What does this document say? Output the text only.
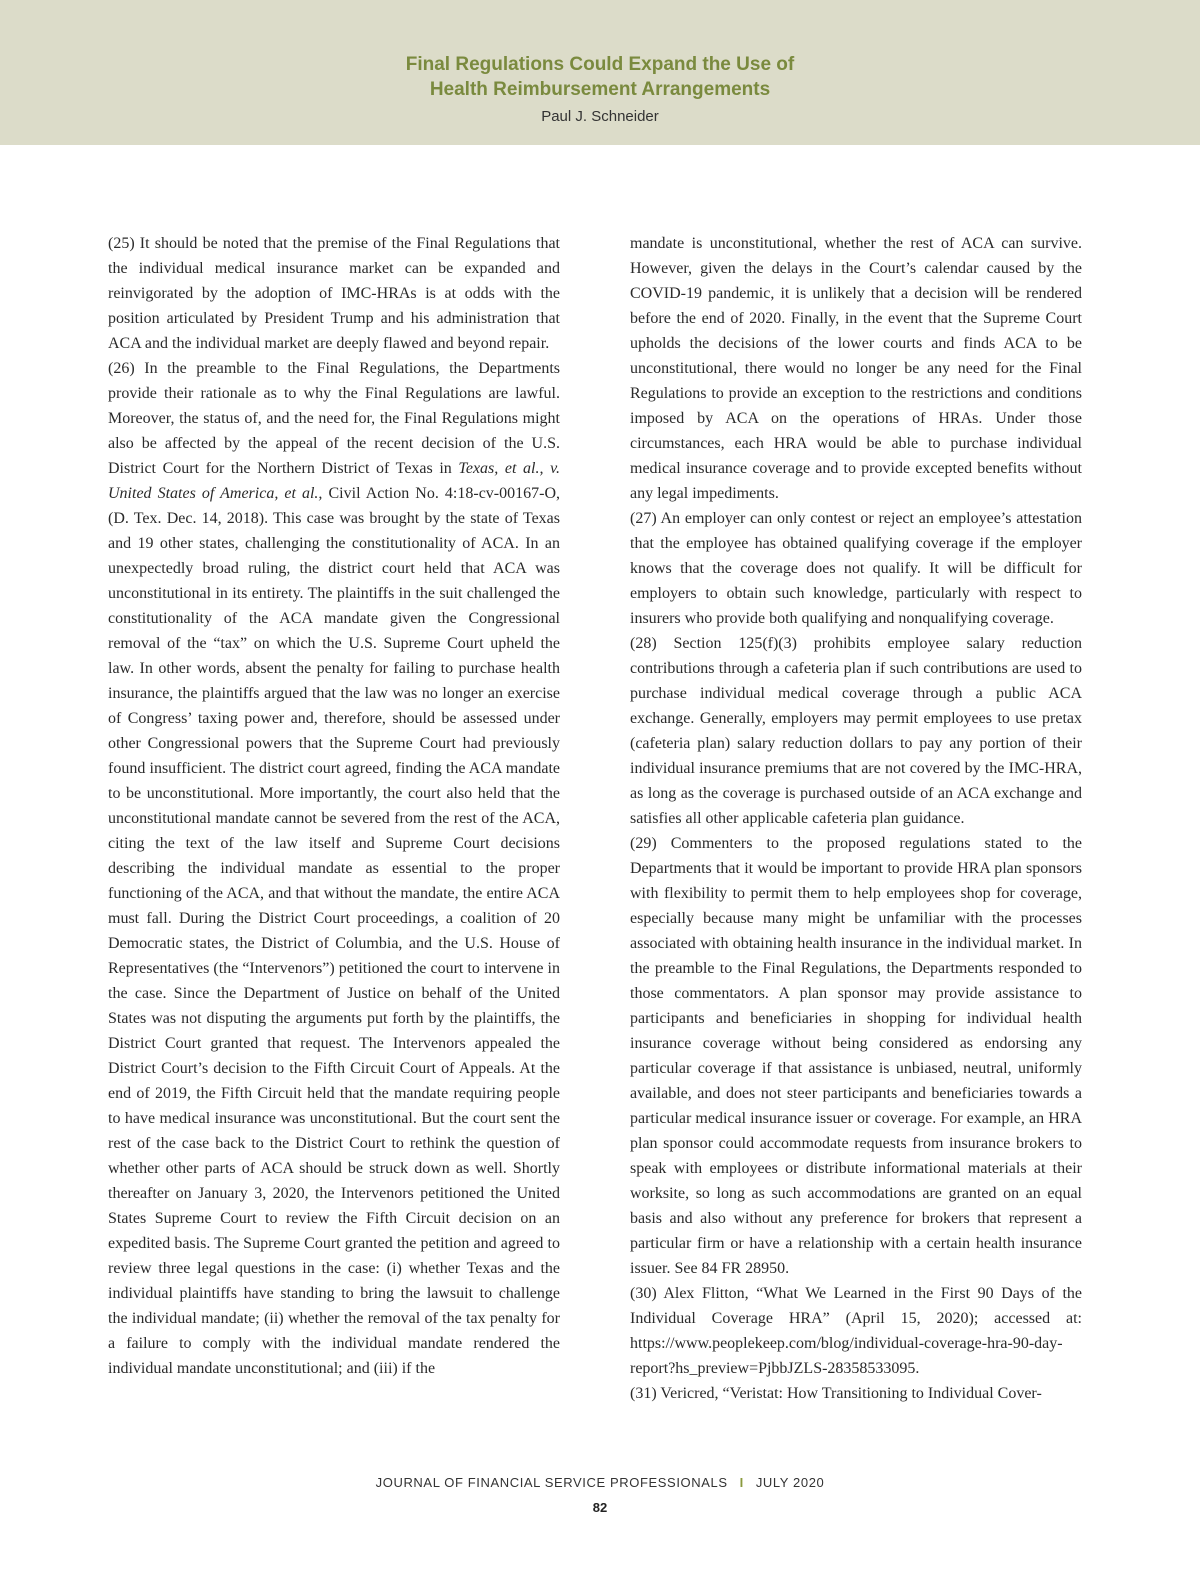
Final Regulations Could Expand the Use of
Health Reimbursement Arrangements
Paul J. Schneider

(25) It should be noted that the premise of the Final Regulations that the individual medical insurance market can be expanded and reinvigorated by the adoption of IMC-HRAs is at odds with the position articulated by President Trump and his administration that ACA and the individual market are deeply flawed and beyond repair.

(26) In the preamble to the Final Regulations, the Departments provide their rationale as to why the Final Regulations are lawful. Moreover, the status of, and the need for, the Final Regulations might also be affected by the appeal of the recent decision of the U.S. District Court for the Northern District of Texas in Texas, et al., v. United States of America, et al., Civil Action No. 4:18-cv-00167-O, (D. Tex. Dec. 14, 2018). This case was brought by the state of Texas and 19 other states, challenging the constitutionality of ACA. In an unexpectedly broad ruling, the district court held that ACA was unconstitutional in its entirety. The plaintiffs in the suit challenged the constitutionality of the ACA mandate given the Congressional removal of the “tax” on which the U.S. Supreme Court upheld the law. In other words, absent the penalty for failing to purchase health insurance, the plaintiffs argued that the law was no longer an exercise of Congress’ taxing power and, therefore, should be assessed under other Congressional powers that the Supreme Court had previously found insufficient. The district court agreed, finding the ACA mandate to be unconstitutional. More importantly, the court also held that the unconstitutional mandate cannot be severed from the rest of the ACA, citing the text of the law itself and Supreme Court decisions describing the individual mandate as essential to the proper functioning of the ACA, and that without the mandate, the entire ACA must fall. During the District Court proceedings, a coalition of 20 Democratic states, the District of Columbia, and the U.S. House of Representatives (the “Intervenors”) petitioned the court to intervene in the case. Since the Department of Justice on behalf of the United States was not disputing the arguments put forth by the plaintiffs, the District Court granted that request. The Intervenors appealed the District Court’s decision to the Fifth Circuit Court of Appeals. At the end of 2019, the Fifth Circuit held that the mandate requiring people to have medical insurance was unconstitutional. But the court sent the rest of the case back to the District Court to rethink the question of whether other parts of ACA should be struck down as well. Shortly thereafter on January 3, 2020, the Intervenors petitioned the United States Supreme Court to review the Fifth Circuit decision on an expedited basis. The Supreme Court granted the petition and agreed to review three legal questions in the case: (i) whether Texas and the individual plaintiffs have standing to bring the lawsuit to challenge the individual mandate; (ii) whether the removal of the tax penalty for a failure to comply with the individual mandate rendered the individual mandate unconstitutional; and (iii) if the

mandate is unconstitutional, whether the rest of ACA can survive. However, given the delays in the Court’s calendar caused by the COVID-19 pandemic, it is unlikely that a decision will be rendered before the end of 2020. Finally, in the event that the Supreme Court upholds the decisions of the lower courts and finds ACA to be unconstitutional, there would no longer be any need for the Final Regulations to provide an exception to the restrictions and conditions imposed by ACA on the operations of HRAs. Under those circumstances, each HRA would be able to purchase individual medical insurance coverage and to provide excepted benefits without any legal impediments.

(27) An employer can only contest or reject an employee’s attestation that the employee has obtained qualifying coverage if the employer knows that the coverage does not qualify. It will be difficult for employers to obtain such knowledge, particularly with respect to insurers who provide both qualifying and nonqualifying coverage.

(28) Section 125(f)(3) prohibits employee salary reduction contributions through a cafeteria plan if such contributions are used to purchase individual medical coverage through a public ACA exchange. Generally, employers may permit employees to use pretax (cafeteria plan) salary reduction dollars to pay any portion of their individual insurance premiums that are not covered by the IMC-HRA, as long as the coverage is purchased outside of an ACA exchange and satisfies all other applicable cafeteria plan guidance.

(29) Commenters to the proposed regulations stated to the Departments that it would be important to provide HRA plan sponsors with flexibility to permit them to help employees shop for coverage, especially because many might be unfamiliar with the processes associated with obtaining health insurance in the individual market. In the preamble to the Final Regulations, the Departments responded to those commentators. A plan sponsor may provide assistance to participants and beneficiaries in shopping for individual health insurance coverage without being considered as endorsing any particular coverage if that assistance is unbiased, neutral, uniformly available, and does not steer participants and beneficiaries towards a particular medical insurance issuer or coverage. For example, an HRA plan sponsor could accommodate requests from insurance brokers to speak with employees or distribute informational materials at their worksite, so long as such accommodations are granted on an equal basis and also without any preference for brokers that represent a particular firm or have a relationship with a certain health insurance issuer. See 84 FR 28950.

(30) Alex Flitton, “What We Learned in the First 90 Days of the Individual Coverage HRA” (April 15, 2020); accessed at: https://www.peoplekeep.com/blog/individual-coverage-hra-90-day-report?hs_preview=PjbbJZLS-28358533095.

(31) Vericred, “Veristat: How Transitioning to Individual Cover-

JOURNAL OF FINANCIAL SERVICE PROFESSIONALS I JULY 2020
82
